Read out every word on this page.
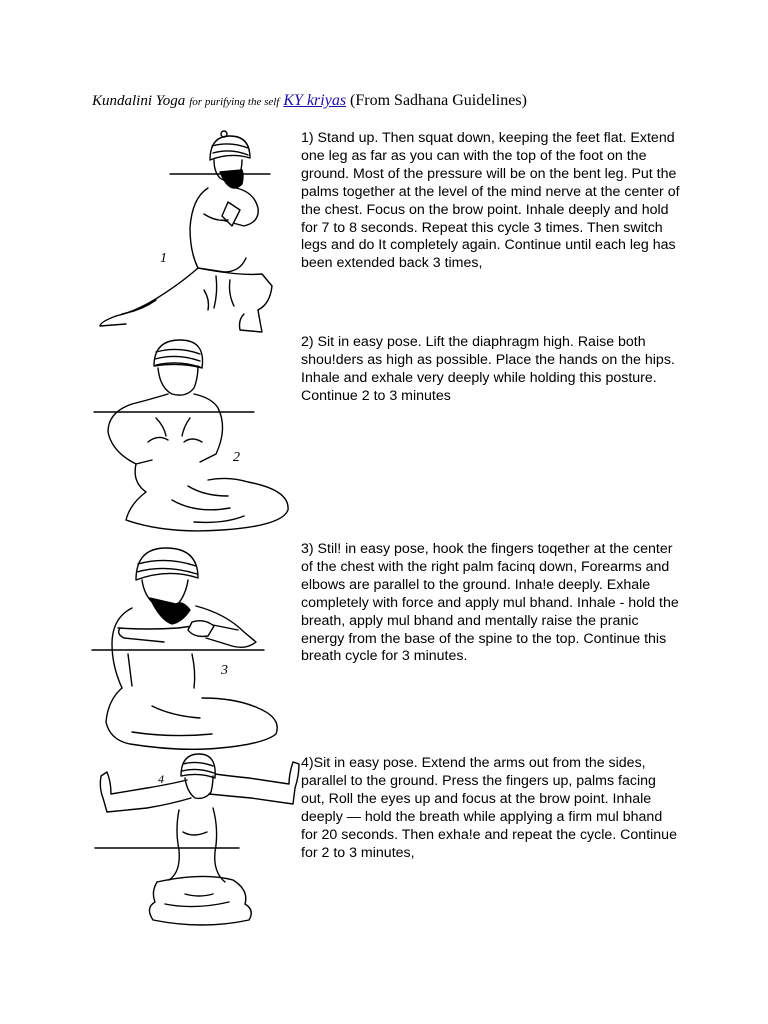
Kundalini Yoga for purifying the self KY kriyas (From Sadhana Guidelines)
1

1) Stand up. Then squat down, keeping the feet flat. Extend one leg as far as you can with the top of the foot on the ground. Most of the pressure will be on the bent leg. Put the palms together at the level of the mind nerve at the center of the chest. Focus on the brow point. Inhale deeply and hold for 7 to 8 seconds. Repeat this cycle 3 times. Then switch legs and do It completely again. Continue until each leg has been extended back 3 times,

2

2) Sit in easy pose. Lift the diaphragm high. Raise both shou!ders as high as possible. Place the hands on the hips. Inhale and exhale very deeply while holding this posture. Continue 2 to 3 minutes

3

3) Stil! in easy pose, hook the fingers toqether at the center of the chest with the right palm facinq down, Forearms and elbows are parallel to the ground. Inha!e deeply. Exhale completely with force and apply mul bhand. Inhale - hold the breath, apply mul bhand and mentally raise the pranic energy from the base of the spine to the top. Continue this breath cycle for 3 minutes.

4

4)Sit in easy pose. Extend the arms out from the sides, parallel to the ground. Press the fingers up, palms facing out, Roll the eyes up and focus at the brow point. Inhale deeply — hold the breath while applying a firm mul bhand for 20 seconds. Then exha!e and repeat the cycle. Continue for 2 to 3 minutes,
